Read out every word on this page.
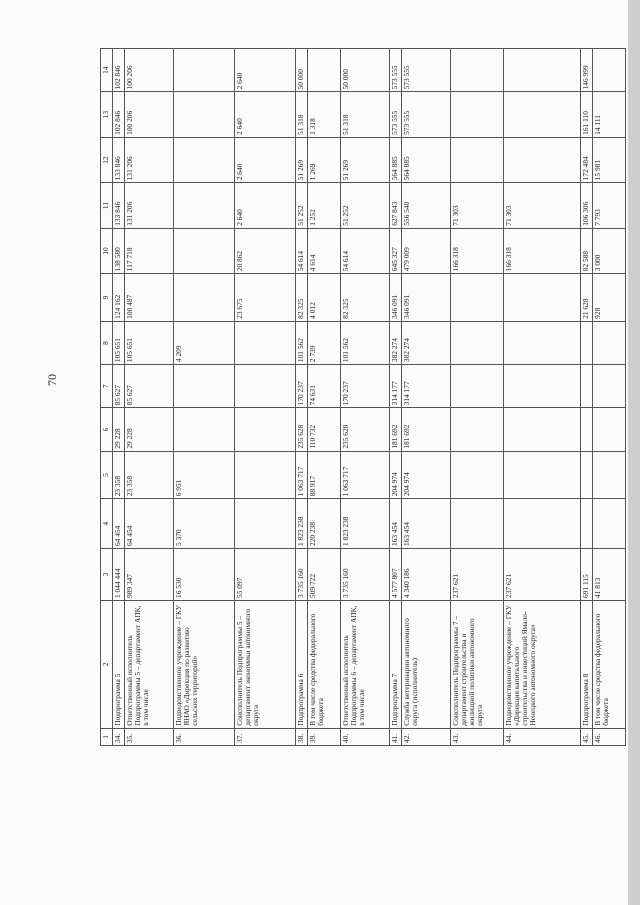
70
1	2	3	4	5	6	7	8	9	10	11	12	13	14
34.	Подпрограмма 5	1 044 444	64 454	23 358	29 228	85 627	105 651	124 162	138 580	133 846	133 846	102 846	102 846
35.	Ответственный исполнитель Подпрограммы 5 – департамент АПК, в том числе	989 347	64 454	23 358	29 228	85 627	105 651	100 487	117 718	131 206	131 206	100 206	100 206
36.	Подведомственное учреждение – ГКУ ЯНАО «Дирекция по развитию сельских территорий»	16 530	5 370	6 951			4 209						
37.	Соисполнитель Подпрограммы 5 – департамент экономики автономного округа	55 097						23 675	20 862	2 640	2 640	2 640	2 640
38.	Подпрограмма 6	3 735 160	1 823 238	1 063 717	235 628	170 237	101 562	82 325	54 614	51 252	51 269	51 318	50 000
39.	В том числе средства федерального бюджета	509 722	220 238	88 917	110 732	74 631	2 739	4 012	4 614	1 252	1 269	1 318	
40.	Ответственный исполнитель Подпрограммы 6 – департамент АПК, в том числе	3 735 160	1 823 238	1 063 717	235 628	170 237	101 562	82 325	54 614	51 252	51 269	51 318	50 000
41.	Подпрограмма 7	4 577 807	163 454	204 974	181 692	314 177	382 274	346 091	645 327	627 843	564 885	573 555	573 555
42.	Служба ветеринарии автономного округа (исполнитель)	4 340 186	163 454	204 974	181 692	314 177	382 274	346 091	479 009	556 540	564 885	573 555	573 555
43.	Соисполнитель Подпрограммы 7 – департамент строительства и жилищной политики автономного округа	237 621							166 318	71 303			
44.	Подведомственное учреждение – ГКУ «Дирекция капитального строительства и инвестиций Ямало-Ненецкого автономного округа»	237 621							166 318	71 303			
45.	Подпрограмма 8	691 115						21 628	82 588	106 306	172 484	161 110	146 999
46.	В том числе средства федерального бюджета	41 813						928	3 000	7 793	15 981	14 111	
